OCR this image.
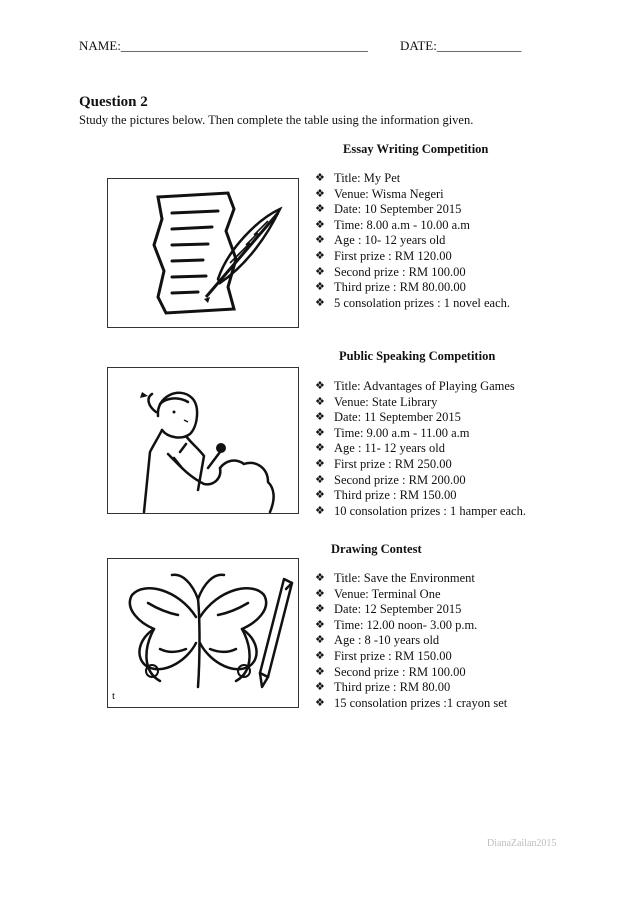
NAME:______________________________________ DATE:_____________
Question 2
Study the pictures below. Then complete the table using the information given.
Essay Writing Competition
❖ Title: My Pet
❖ Venue: Wisma Negeri
❖ Date: 10 September 2015
❖ Time: 8.00 a.m - 10.00 a.m
❖ Age : 10- 12 years old
❖ First prize : RM 120.00
❖ Second prize : RM 100.00
❖ Third prize : RM 80.00.00
❖ 5 consolation prizes : 1 novel each.
Public Speaking Competition
❖ Title: Advantages of Playing Games
❖ Venue: State Library
❖ Date: 11 September 2015
❖ Time: 9.00 a.m - 11.00 a.m
❖ Age : 11- 12 years old
❖ First prize : RM 250.00
❖ Second prize : RM 200.00
❖ Third prize : RM 150.00
❖ 10 consolation prizes : 1 hamper each.
Drawing Contest
t
❖ Title: Save the Environment
❖ Venue: Terminal One
❖ Date: 12 September 2015
❖ Time: 12.00 noon- 3.00 p.m.
❖ Age : 8 -10 years old
❖ First prize : RM 150.00
❖ Second prize : RM 100.00
❖ Third prize : RM 80.00
❖ 15 consolation prizes :1 crayon set
DianaZailan2015
